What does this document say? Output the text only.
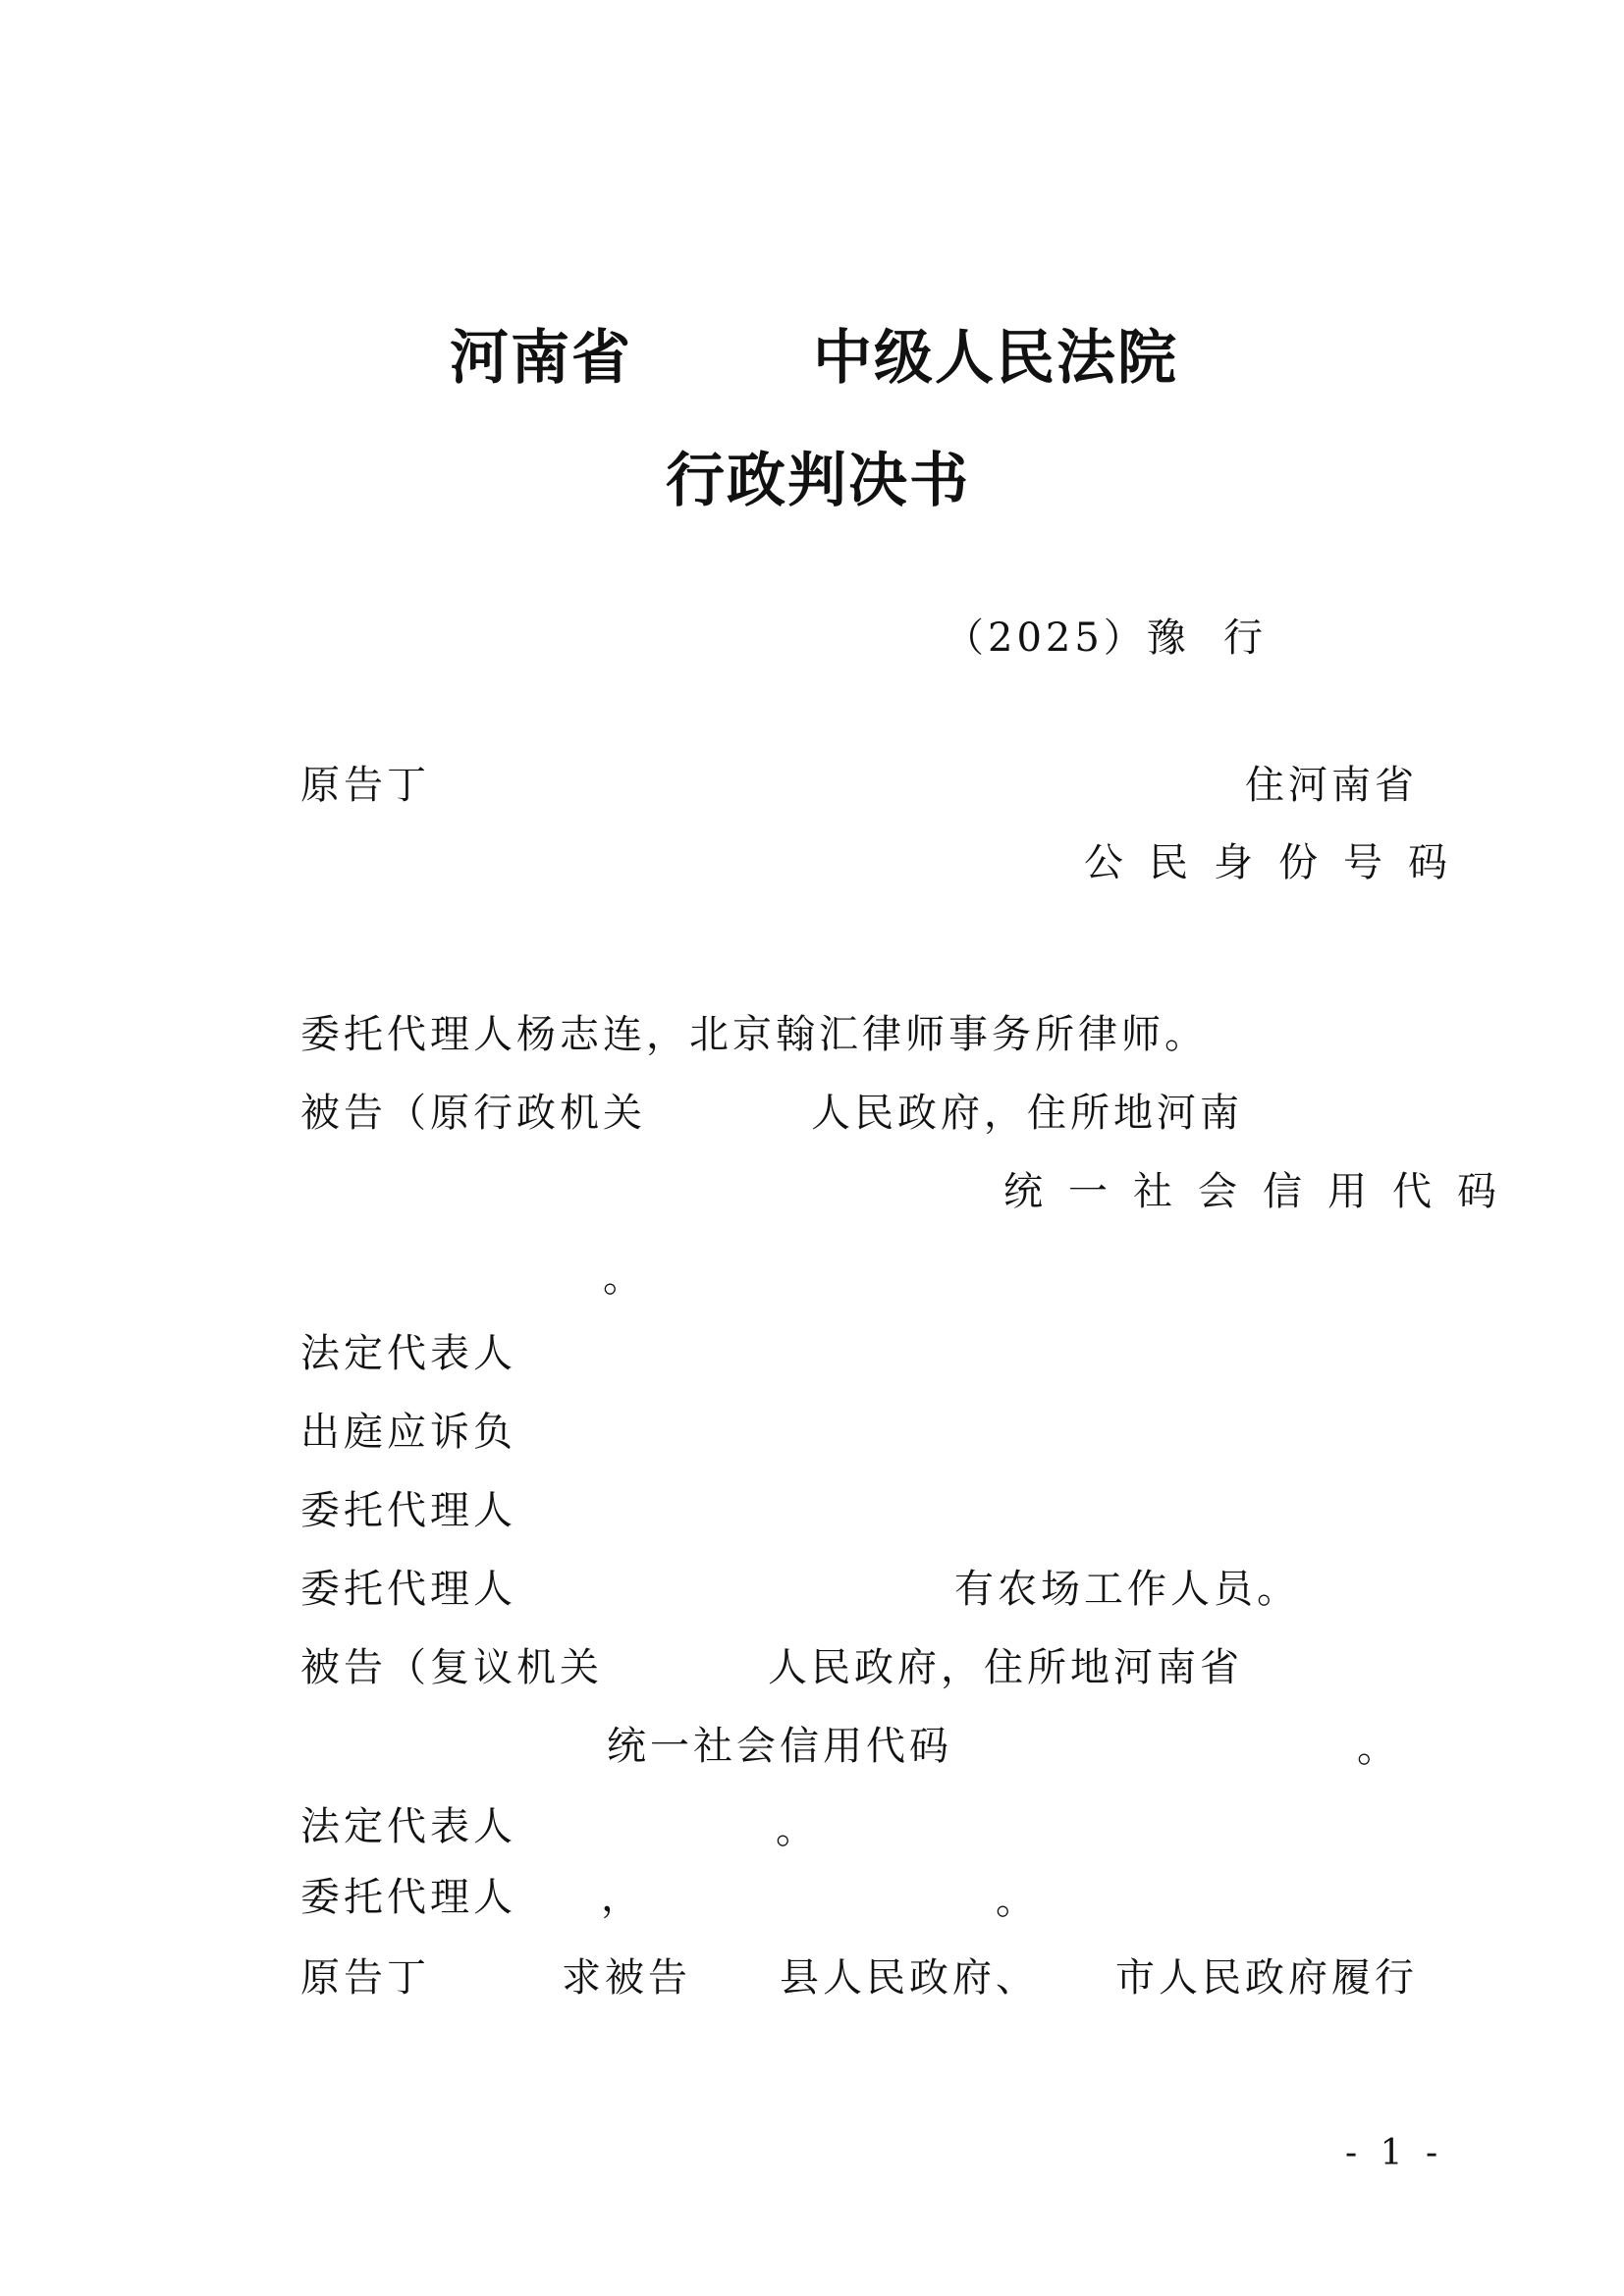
河南省	中级人民法院
行政判决书
（2025）豫 行
原告丁	住河南省
公民身份号码
委托代理人杨志连，北京翰汇律师事务所律师。
被告（原行政机关	人民政府，住所地河南
统一社会信用代码
。
法定代表人
出庭应诉负
委托代理人
委托代理人	有农场工作人员。
被告（复议机关	人民政府，住所地河南省
统一社会信用代码	。
法定代表人	。
委托代理人 ，	。
原告丁	求被告 县人民政府、 市人民政府履行
- 1 -
